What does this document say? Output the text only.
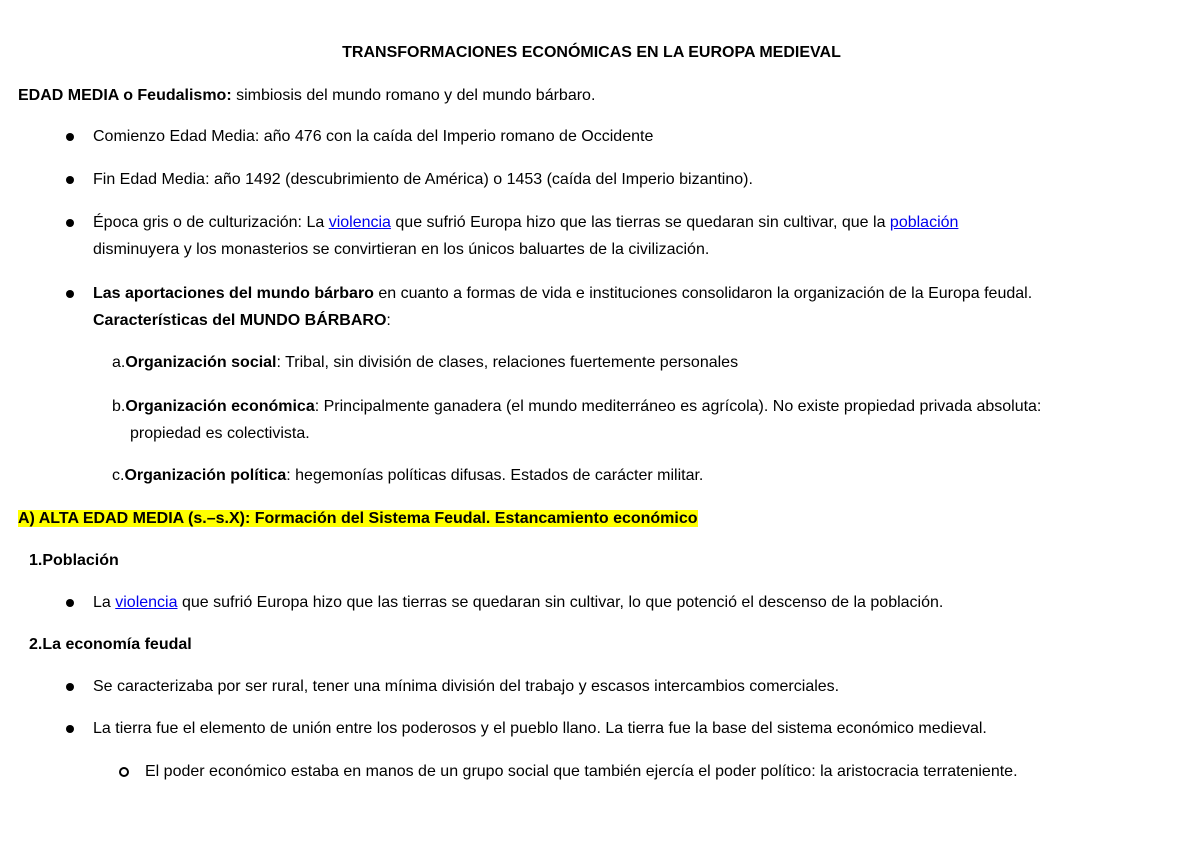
TRANSFORMACIONES ECONÓMICAS EN LA EUROPA MEDIEVAL
EDAD MEDIA o Feudalismo: simbiosis del mundo romano y del mundo bárbaro.
Comienzo Edad Media: año 476 con la caída del Imperio romano de Occidente
Fin Edad Media: año 1492 (descubrimiento de América) o 1453 (caída del Imperio bizantino).
Época gris o de culturización: La violencia que sufrió Europa hizo que las tierras se quedaran sin cultivar, que la población
disminuyera y los monasterios se convirtieran en los únicos baluartes de la civilización.
Las aportaciones del mundo bárbaro en cuanto a formas de vida e instituciones consolidaron la organización de la Europa feudal.
Características del MUNDO BÁRBARO:
a.Organización social: Tribal, sin división de clases, relaciones fuertemente personales
b.Organización económica: Principalmente ganadera (el mundo mediterráneo es agrícola). No existe propiedad privada absoluta:
propiedad es colectivista.
c.Organización política: hegemonías políticas difusas. Estados de carácter militar.
A) ALTA EDAD MEDIA (s.–s.X): Formación del Sistema Feudal. Estancamiento económico
1.Población
La violencia que sufrió Europa hizo que las tierras se quedaran sin cultivar, lo que potenció el descenso de la población.
2.La economía feudal
Se caracterizaba por ser rural, tener una mínima división del trabajo y escasos intercambios comerciales.
La tierra fue el elemento de unión entre los poderosos y el pueblo llano. La tierra fue la base del sistema económico medieval.
El poder económico estaba en manos de un grupo social que también ejercía el poder político: la aristocracia terrateniente.
